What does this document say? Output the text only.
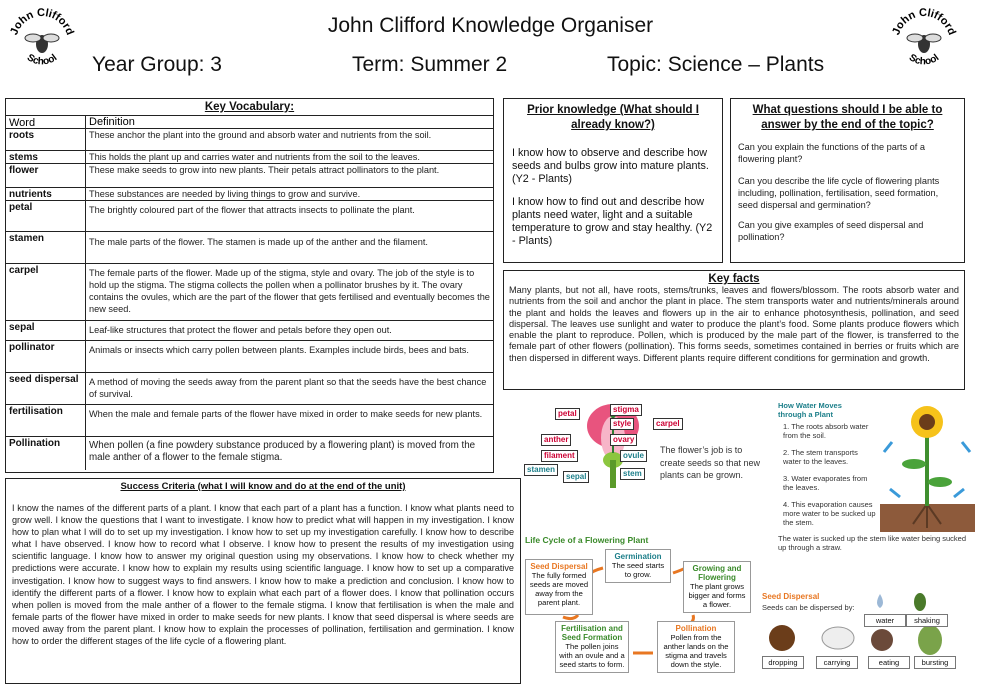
John Clifford
School
John Clifford
School
John Clifford Knowledge Organiser
Year Group: 3	Term: Summer 2	Topic: Science – Plants
Key Vocabulary:
Word	Definition
roots	These anchor the plant into the ground and absorb water and nutrients from the soil.
stems	This holds the plant up and carries water and nutrients from the soil to the leaves.
flower	These make seeds to grow into new plants. Their petals attract pollinators to the plant.
nutrients	These substances are needed by living things to grow and survive.
petal	The brightly coloured part of the flower that attracts insects to pollinate the plant.
stamen	The male parts of the flower. The stamen is made up of the anther and the filament.
carpel	The female parts of the flower. Made up of the stigma, style and ovary. The job of the style is to hold up the stigma. The stigma collects the pollen when a pollinator brushes by it. The ovary contains the ovules, which are the part of the flower that gets fertilised and eventually becomes the new seed.
sepal	Leaf-like structures that protect the flower and petals before they open out.
pollinator	Animals or insects which carry pollen between plants. Examples include birds, bees and bats.
seed dispersal	A method of moving the seeds away from the parent plant so that the seeds have the best chance of survival.
fertilisation	When the male and female parts of the flower have mixed in order to make seeds for new plants.
Pollination	When pollen (a fine powdery substance produced by a flowering plant) is moved from the male anther of a flower to the female stigma.
Prior knowledge (What should I already know?)
I know how to observe and describe how seeds and bulbs grow into mature plants. (Y2 - Plants)
I know how to find out and describe how plants need water, light and a suitable temperature to grow and stay healthy. (Y2 - Plants)
What questions should I be able to answer by the end of the topic?
Can you explain the functions of the parts of a flowering plant?
Can you describe the life cycle of flowering plants including, pollination, fertilisation, seed formation, seed dispersal and germination?
Can you give examples of seed dispersal and pollination?
Key facts
Many plants, but not all, have roots, stems/trunks, leaves and flowers/blossom. The roots absorb water and nutrients from the soil and anchor the plant in place. The stem transports water and nutrients/minerals around the plant and holds the leaves and flowers up in the air to enhance photosynthesis, pollination, and seed dispersal. The leaves use sunlight and water to produce the plant’s food. Some plants produce flowers which enable the plant to reproduce. Pollen, which is produced by the male part of the flower, is transferred to the female part of other flowers (pollination). This forms seeds, sometimes contained in berries or fruits which are then dispersed in different ways. Different plants require different conditions for germination and growth.
Success Criteria (what I will know and do at the end of the unit)
I know the names of the different parts of a plant. I know that each part of a plant has a function. I know what plants need to grow well. I know the questions that I want to investigate. I know how to predict what will happen in my investigation. I know how to plan what I will do to set up my investigation. I know how to set up my investigation carefully. I know how to describe what I have observed. I know how to record what I observe. I know how to present the results of my investigation using scientific language. I know how to answer my original question using my observations. I know how to check whether my predictions were accurate. I know how to explain my results using scientific language. I know how to set up a comparative investigation. I know how to suggest ways to find answers. I know how to make a prediction and conclusion. I know how to identify the different parts of a flower. I know how to explain what each part of a flower does. I know that pollination occurs when pollen is moved from the male anther of a flower to the female stigma. I know that fertilisation is when the male and female parts of the flower have mixed in order to make seeds for new plants. I know that seed dispersal is where seeds are moved away from the parent plant. I know how to explain the processes of pollination, fertilisation and germination. I know how to order the different stages of the life cycle of a flowering plant.
petal	stigma
style
ovary
anther
filament	ovule
stamen
sepal	stem
carpel
The flower’s job is to create seeds so that new plants can be grown.
How Water Moves through a Plant
1. The roots absorb water from the soil.
2. The stem transports water to the leaves.
3. Water evaporates from the leaves.
4. This evaporation causes more water to be sucked up the stem.
The water is sucked up the stem like water being sucked up through a straw.
Life Cycle of a Flowering Plant
Germination
The seed starts to grow.
Growing and Flowering
The plant grows bigger and forms a flower.
Pollination
Pollen from the anther lands on the stigma and travels down the style.
Fertilisation and Seed Formation
The pollen joins with an ovule and a seed starts to form.
Seed Dispersal
The fully formed seeds are moved away from the parent plant.
Seed Dispersal
Seeds can be dispersed by:
water	shaking
dropping	carrying	eating	bursting
